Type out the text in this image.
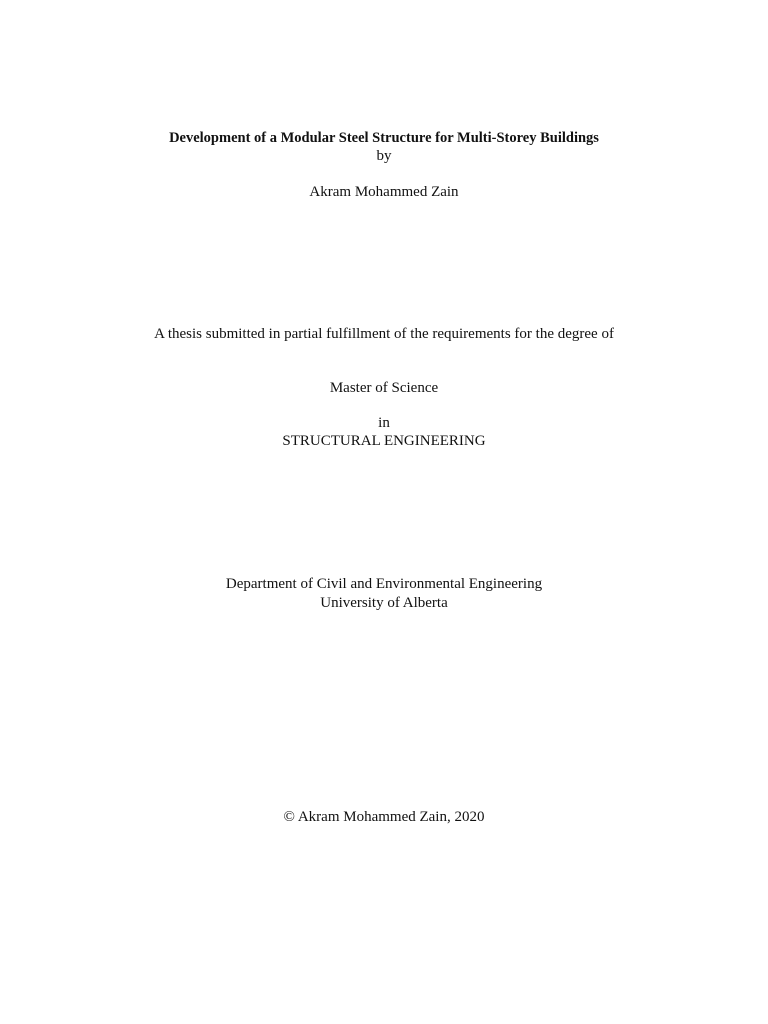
Development of a Modular Steel Structure for Multi-Storey Buildings
by
Akram Mohammed Zain
A thesis submitted in partial fulfillment of the requirements for the degree of
Master of Science
in
STRUCTURAL ENGINEERING
Department of Civil and Environmental Engineering
University of Alberta
© Akram Mohammed Zain, 2020
